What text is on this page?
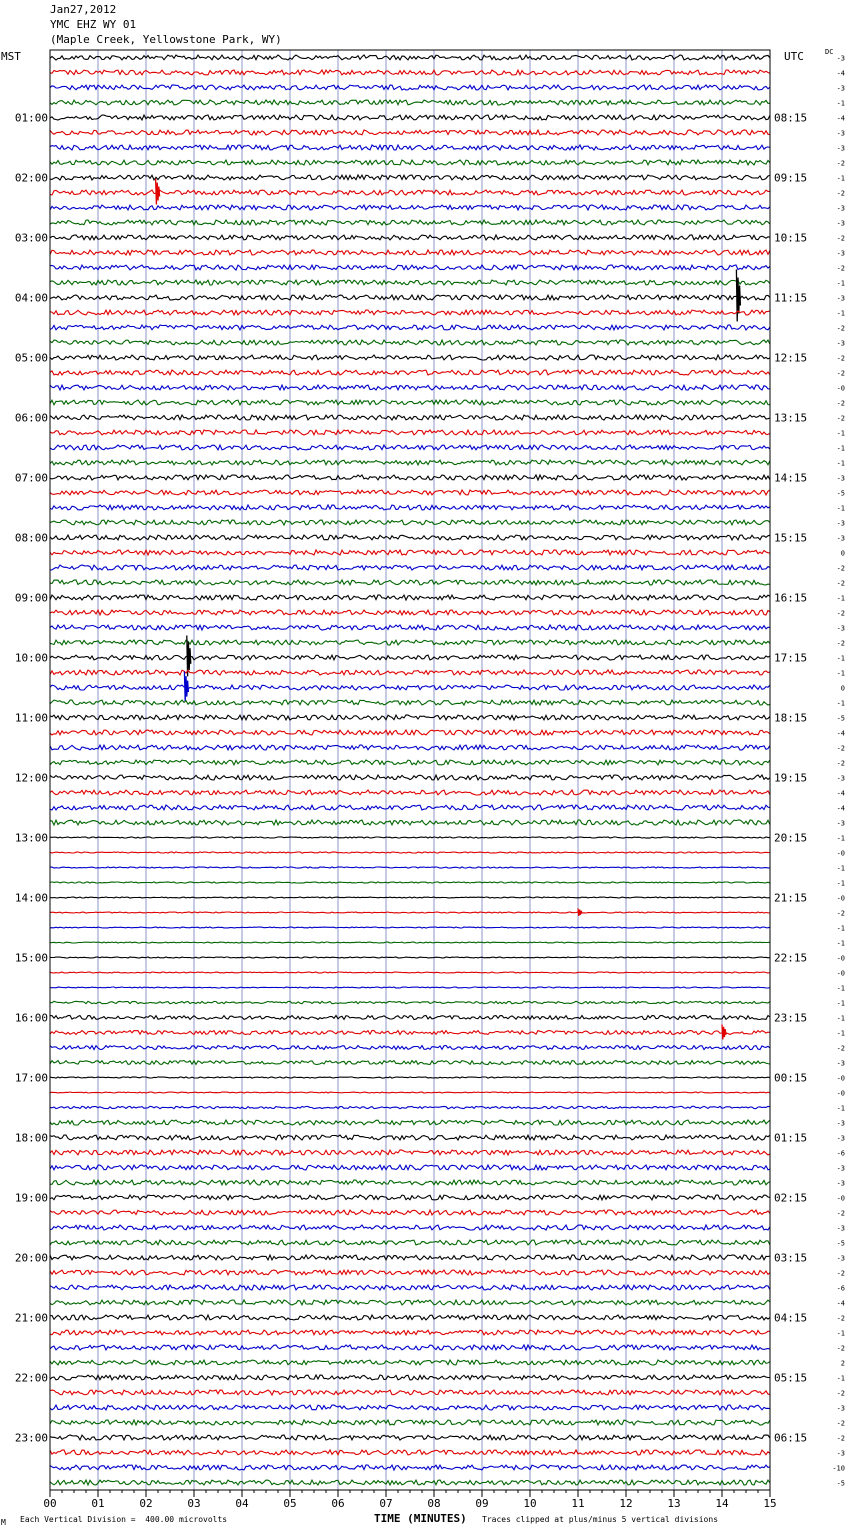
Jan27,2012
YMC EHZ WY 01
(Maple Creek, Yellowstone Park, WY)
MST	UTC	DC
00	01	02	03	04	05	06	07	08	09	10	11	12	13	14	15
-3
-4
-3
-1
-4
-3
-3
-2
-1
-2
-3
-3
-2
-3
-2
-1
-3
-1
-2
-3
-2
-2
-0
-2
-2
-1
-1
-1
-3
-5
-1
-3
-3
0
-2
-2
-1
-2
-3
-2
-1
-1
0
-1
-5
-4
-2
-2
-3
-4
-4
-3
-1
-0
-1
-1
-0
-2
-1
-1
-0
-0
-1
-1
-1
-1
-2
-3
-0
-0
-1
-3
-3
-6
-3
-3
-0
-2
-3
-5
-3
-2
-6
-4
-2
-1
-2
2
-1
-2
-3
-2
-2
-3
-10
-5
01:00	08:15
02:00	09:15
03:00	10:15
04:00	11:15
05:00	12:15
06:00	13:15
07:00	14:15
08:00	15:15
09:00	16:15
10:00	17:15
11:00	18:15
12:00	19:15
13:00	20:15
14:00	21:15
15:00	22:15
16:00	23:15
17:00	00:15
18:00	01:15
19:00	02:15
20:00	03:15
21:00	04:15
22:00	05:15
23:00	06:15
M Each Vertical Division =  400.00 microvolts	TIME (MINUTES) Traces clipped at plus/minus 5 vertical divisions
